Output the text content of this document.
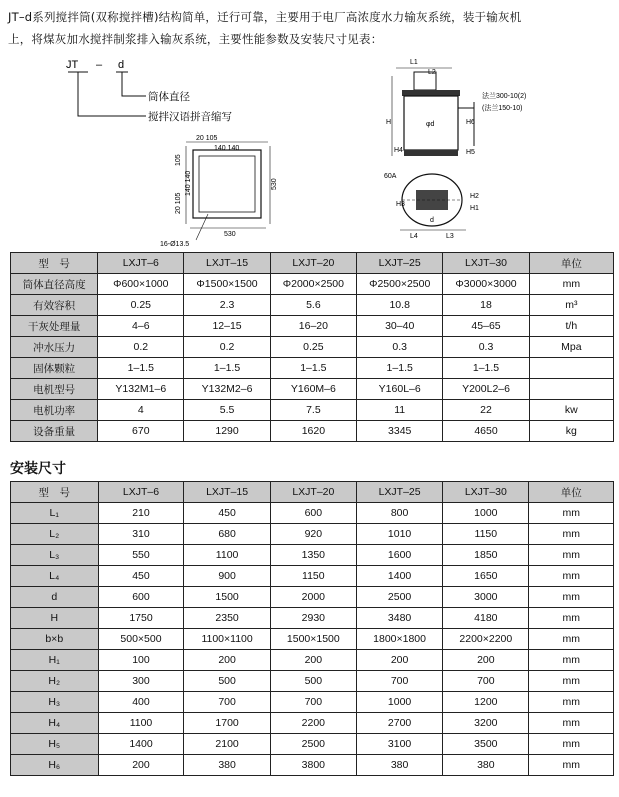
JT–d系列搅拌筒(双称搅拌槽)结构简单，迁行可靠，主要用于电厂高浓度水力输灰系统，装于输灰机
上，将煤灰加水搅拌制浆排入输灰系统，主要性能参数及安装尺寸见表：
JT – d
筒体直径
搅拌汉语拼音缩写
20 105
140 140
105
140 140
20 105
530
530
16-Ø13.5
L1
L2
φd
法兰300-10(2)
(法兰150-10)
H
H4
H6
H5
60A
H3
H2
H1
L4	L3
d
型　号	LXJT–6	LXJT–15	LXJT–20	LXJT–25	LXJT–30	单位
筒体直径高度	Φ600×1000	Φ1500×1500	Φ2000×2500	Φ2500×2500	Φ3000×3000	mm
有效容积	0.25	2.3	5.6	10.8	18	m³
干灰处理量	4–6	12–15	16–20	30–40	45–65	t/h
冲水压力	0.2	0.2	0.25	0.3	0.3	Mpa
固体颗粒	1–1.5	1–1.5	1–1.5	1–1.5	1–1.5	
电机型号	Y132M1–6	Y132M2–6	Y160M–6	Y160L–6	Y200L2–6	
电机功率	4	5.5	7.5	11	22	kw
设备重量	670	1290	1620	3345	4650	kg
安装尺寸
型　号	LXJT–6	LXJT–15	LXJT–20	LXJT–25	LXJT–30	单位
L₁	210	450	600	800	1000	mm
L₂	310	680	920	1010	1150	mm
L₃	550	1100	1350	1600	1850	mm
L₄	450	900	1150	1400	1650	mm
d	600	1500	2000	2500	3000	mm
H	1750	2350	2930	3480	4180	mm
b×b	500×500	1100×1100	1500×1500	1800×1800	2200×2200	mm
H₁	100	200	200	200	200	mm
H₂	300	500	500	700	700	mm
H₃	400	700	700	1000	1200	mm
H₄	1100	1700	2200	2700	3200	mm
H₅	1400	2100	2500	3100	3500	mm
H₆	200	380	3800	380	380	mm
